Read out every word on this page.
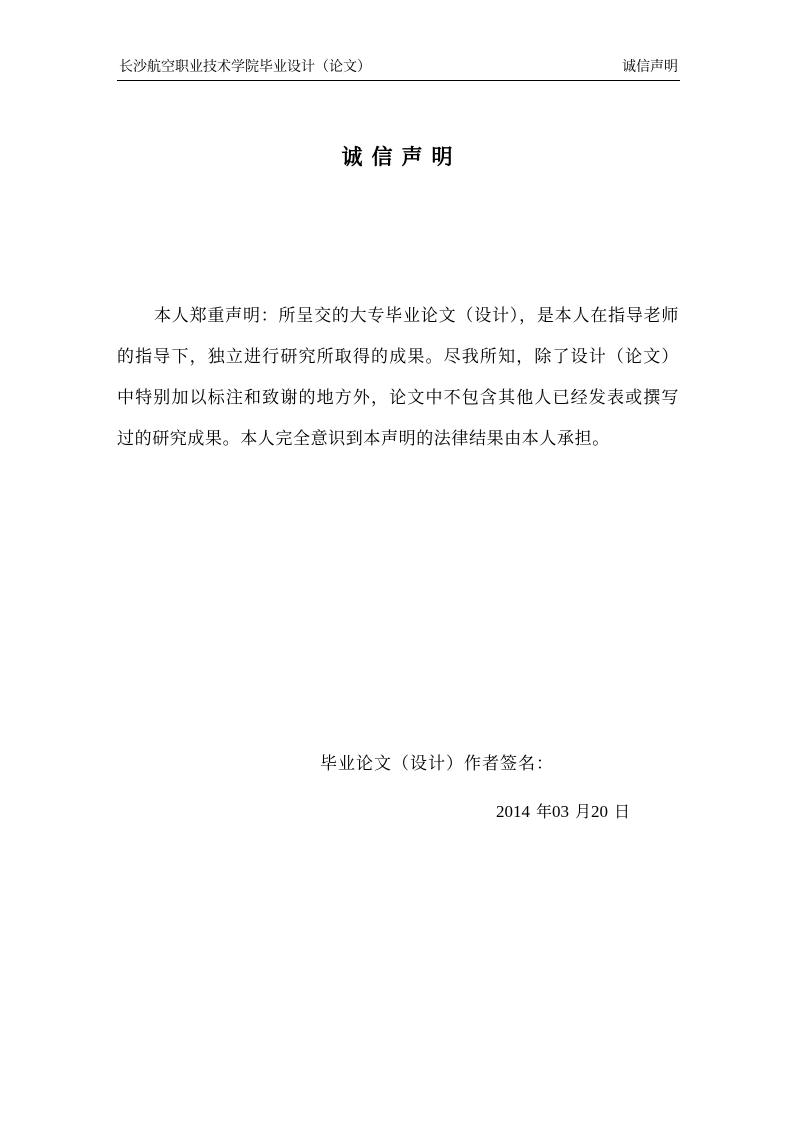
长沙航空职业技术学院毕业设计（论文）	诚信声明
诚信声明

本人郑重声明：所呈交的大专毕业论文（设计），是本人在指导老师的指导下，独立进行研究所取得的成果。尽我所知，除了设计（论文）中特别加以标注和致谢的地方外，论文中不包含其他人已经发表或撰写过的研究成果。本人完全意识到本声明的法律结果由本人承担。

毕业论文（设计）作者签名：
2014 年03 月20 日
